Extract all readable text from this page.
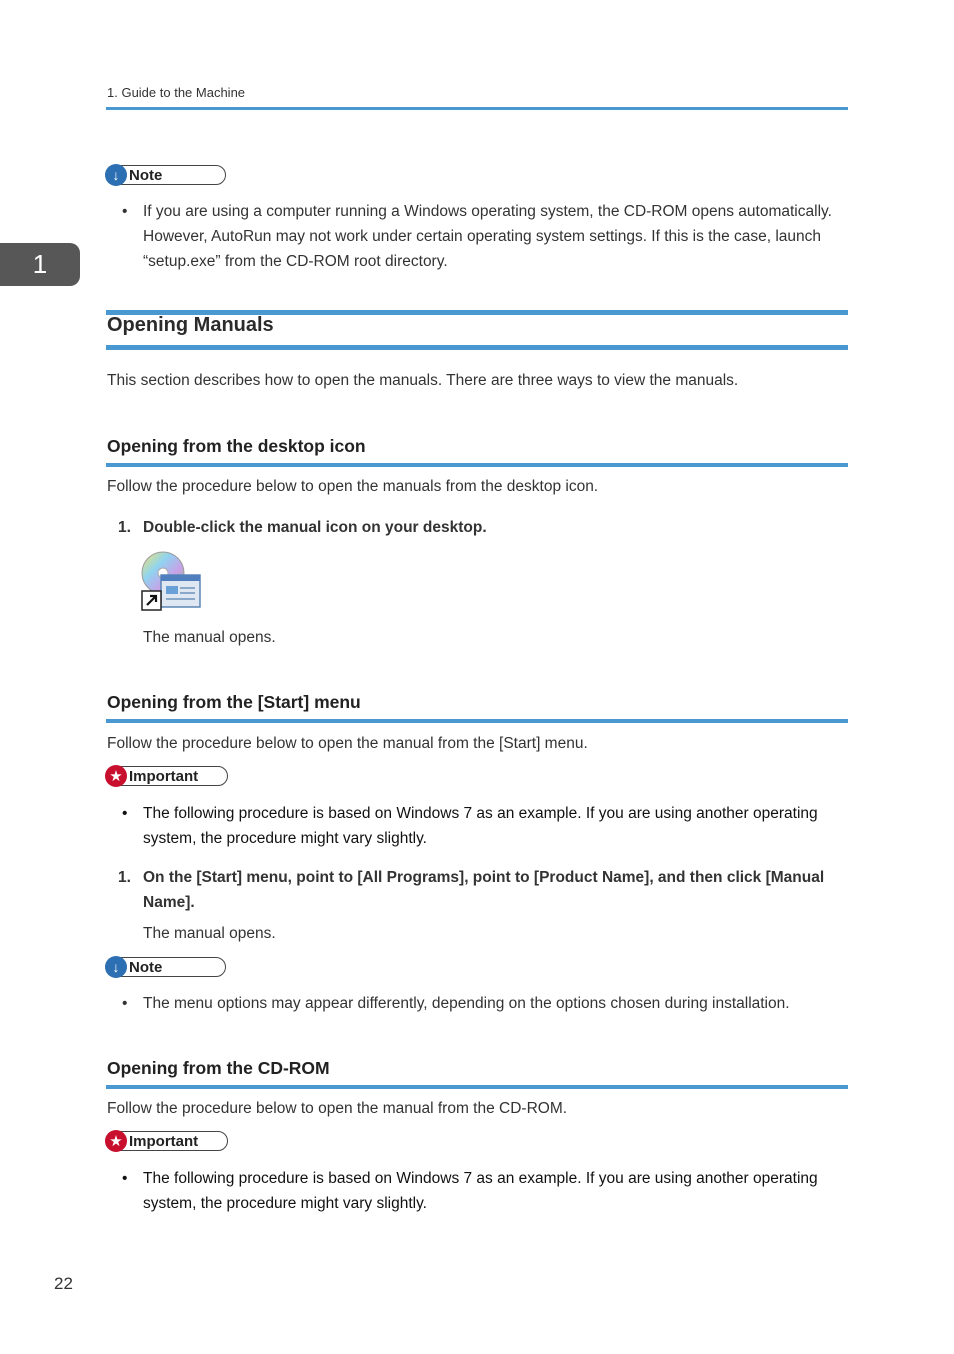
1. Guide to the Machine
1
↓ Note
• If you are using a computer running a Windows operating system, the CD-ROM opens automatically. However, AutoRun may not work under certain operating system settings. If this is the case, launch “setup.exe” from the CD-ROM root directory.
Opening Manuals
This section describes how to open the manuals. There are three ways to view the manuals.
Opening from the desktop icon
Follow the procedure below to open the manuals from the desktop icon.
1. Double-click the manual icon on your desktop.
The manual opens.
Opening from the [Start] menu
Follow the procedure below to open the manual from the [Start] menu.
★ Important
• The following procedure is based on Windows 7 as an example. If you are using another operating system, the procedure might vary slightly.
1. On the [Start] menu, point to [All Programs], point to [Product Name], and then click [Manual Name].
The manual opens.
↓ Note
• The menu options may appear differently, depending on the options chosen during installation.
Opening from the CD-ROM
Follow the procedure below to open the manual from the CD-ROM.
★ Important
• The following procedure is based on Windows 7 as an example. If you are using another operating system, the procedure might vary slightly.
22
